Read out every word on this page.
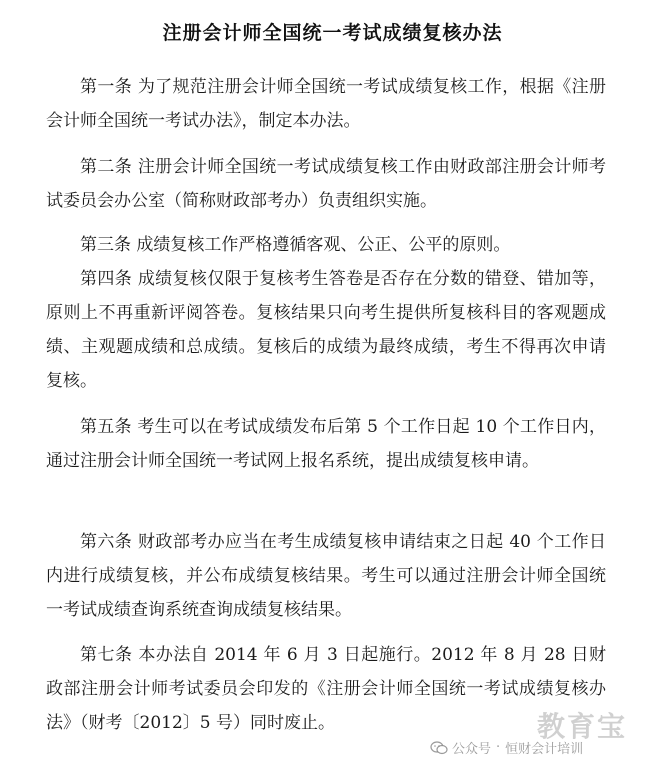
注册会计师全国统一考试成绩复核办法

第一条 为了规范注册会计师全国统一考试成绩复核工作，根据《注册会计师全国统一考试办法》，制定本办法。

第二条 注册会计师全国统一考试成绩复核工作由财政部注册会计师考试委员会办公室（简称财政部考办）负责组织实施。

第三条 成绩复核工作严格遵循客观、公正、公平的原则。

第四条 成绩复核仅限于复核考生答卷是否存在分数的错登、错加等，原则上不再重新评阅答卷。复核结果只向考生提供所复核科目的客观题成绩、主观题成绩和总成绩。复核后的成绩为最终成绩，考生不得再次申请复核。

第五条 考生可以在考试成绩发布后第 5 个工作日起 10 个工作日内，通过注册会计师全国统一考试网上报名系统，提出成绩复核申请。

第六条 财政部考办应当在考生成绩复核申请结束之日起 40 个工作日内进行成绩复核，并公布成绩复核结果。考生可以通过注册会计师全国统一考试成绩查询系统查询成绩复核结果。

第七条 本办法自 2014 年 6 月 3 日起施行。2012 年 8 月 28 日财政部注册会计师考试委员会印发的《注册会计师全国统一考试成绩复核办法》（财考〔2012〕5 号）同时废止。	教育宝
公众号 · 恒财会计培训
